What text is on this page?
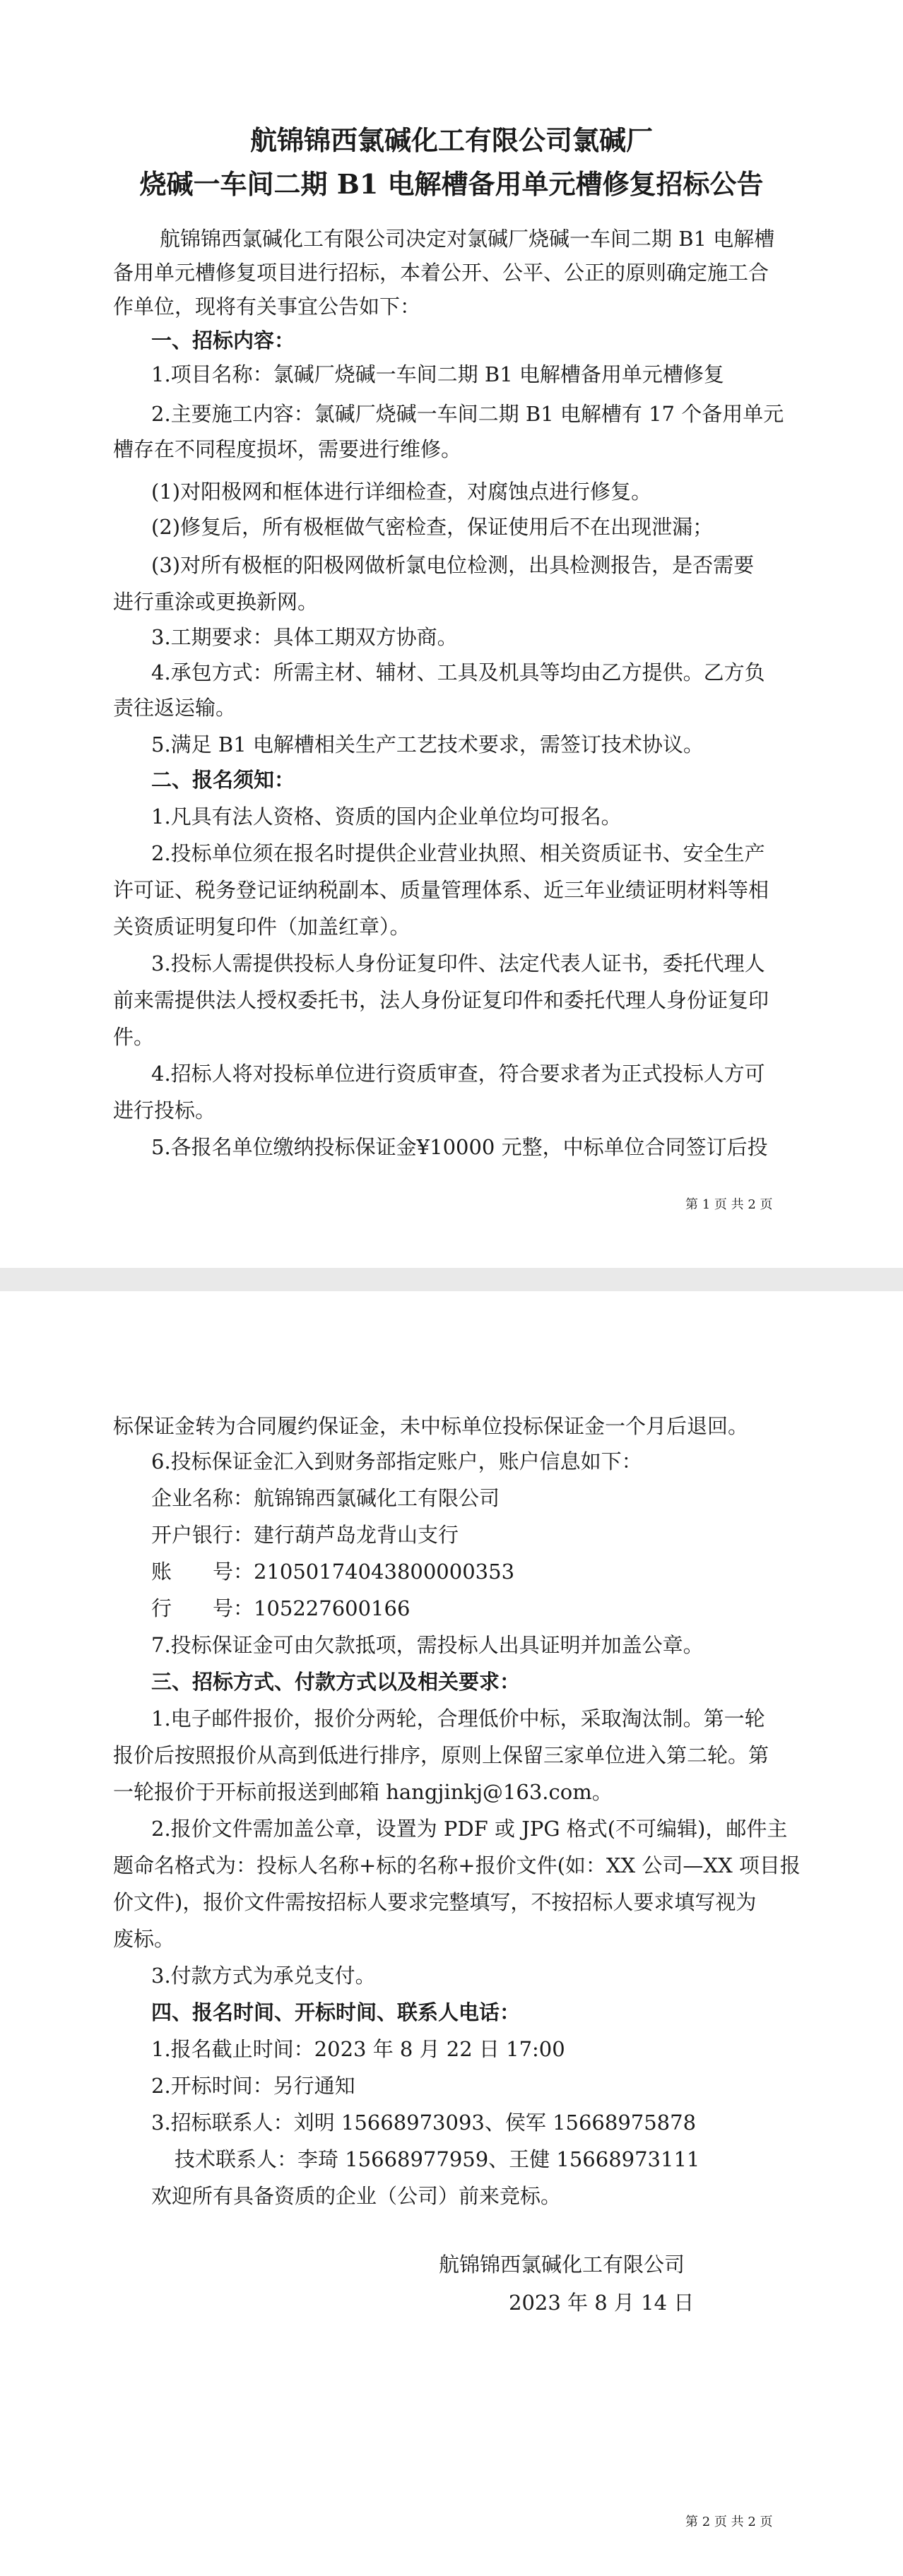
航锦锦西氯碱化工有限公司氯碱厂
烧碱一车间二期 B1 电解槽备用单元槽修复招标公告
航锦锦西氯碱化工有限公司决定对氯碱厂烧碱一车间二期 B1 电解槽
备用单元槽修复项目进行招标，本着公开、公平、公正的原则确定施工合
作单位，现将有关事宜公告如下：
一、招标内容：
1.项目名称：氯碱厂烧碱一车间二期 B1 电解槽备用单元槽修复
2.主要施工内容：氯碱厂烧碱一车间二期 B1 电解槽有 17 个备用单元
槽存在不同程度损坏，需要进行维修。
(1)对阳极网和框体进行详细检查，对腐蚀点进行修复。
(2)修复后，所有极框做气密检查，保证使用后不在出现泄漏；
(3)对所有极框的阳极网做析氯电位检测，出具检测报告，是否需要
进行重涂或更换新网。
3.工期要求：具体工期双方协商。
4.承包方式：所需主材、辅材、工具及机具等均由乙方提供。乙方负
责往返运输。
5.满足 B1 电解槽相关生产工艺技术要求，需签订技术协议。
二、报名须知：
1.凡具有法人资格、资质的国内企业单位均可报名。
2.投标单位须在报名时提供企业营业执照、相关资质证书、安全生产
许可证、税务登记证纳税副本、质量管理体系、近三年业绩证明材料等相
关资质证明复印件（加盖红章）。
3.投标人需提供投标人身份证复印件、法定代表人证书，委托代理人
前来需提供法人授权委托书，法人身份证复印件和委托代理人身份证复印
件。
4.招标人将对投标单位进行资质审查，符合要求者为正式投标人方可
进行投标。
5.各报名单位缴纳投标保证金¥10000 元整，中标单位合同签订后投
第 1 页 共 2 页
标保证金转为合同履约保证金，未中标单位投标保证金一个月后退回。
6.投标保证金汇入到财务部指定账户，账户信息如下：
企业名称：航锦锦西氯碱化工有限公司
开户银行：建行葫芦岛龙背山支行
账　　号：21050174043800000353
行　　号：105227600166
7.投标保证金可由欠款抵项，需投标人出具证明并加盖公章。
三、招标方式、付款方式以及相关要求：
1.电子邮件报价，报价分两轮，合理低价中标，采取淘汰制。第一轮
报价后按照报价从高到低进行排序，原则上保留三家单位进入第二轮。第
一轮报价于开标前报送到邮箱 hangjinkj@163.com。
2.报价文件需加盖公章，设置为 PDF 或 JPG 格式(不可编辑)，邮件主
题命名格式为：投标人名称+标的名称+报价文件(如：XX 公司—XX 项目报
价文件)，报价文件需按招标人要求完整填写，不按招标人要求填写视为
废标。
3.付款方式为承兑支付。
四、报名时间、开标时间、联系人电话：
1.报名截止时间：2023 年 8 月 22 日 17:00
2.开标时间：另行通知
3.招标联系人：刘明 15668973093、侯军 15668975878
技术联系人：李琦 15668977959、王健 15668973111
欢迎所有具备资质的企业（公司）前来竞标。
航锦锦西氯碱化工有限公司
2023 年 8 月 14 日
第 2 页 共 2 页
